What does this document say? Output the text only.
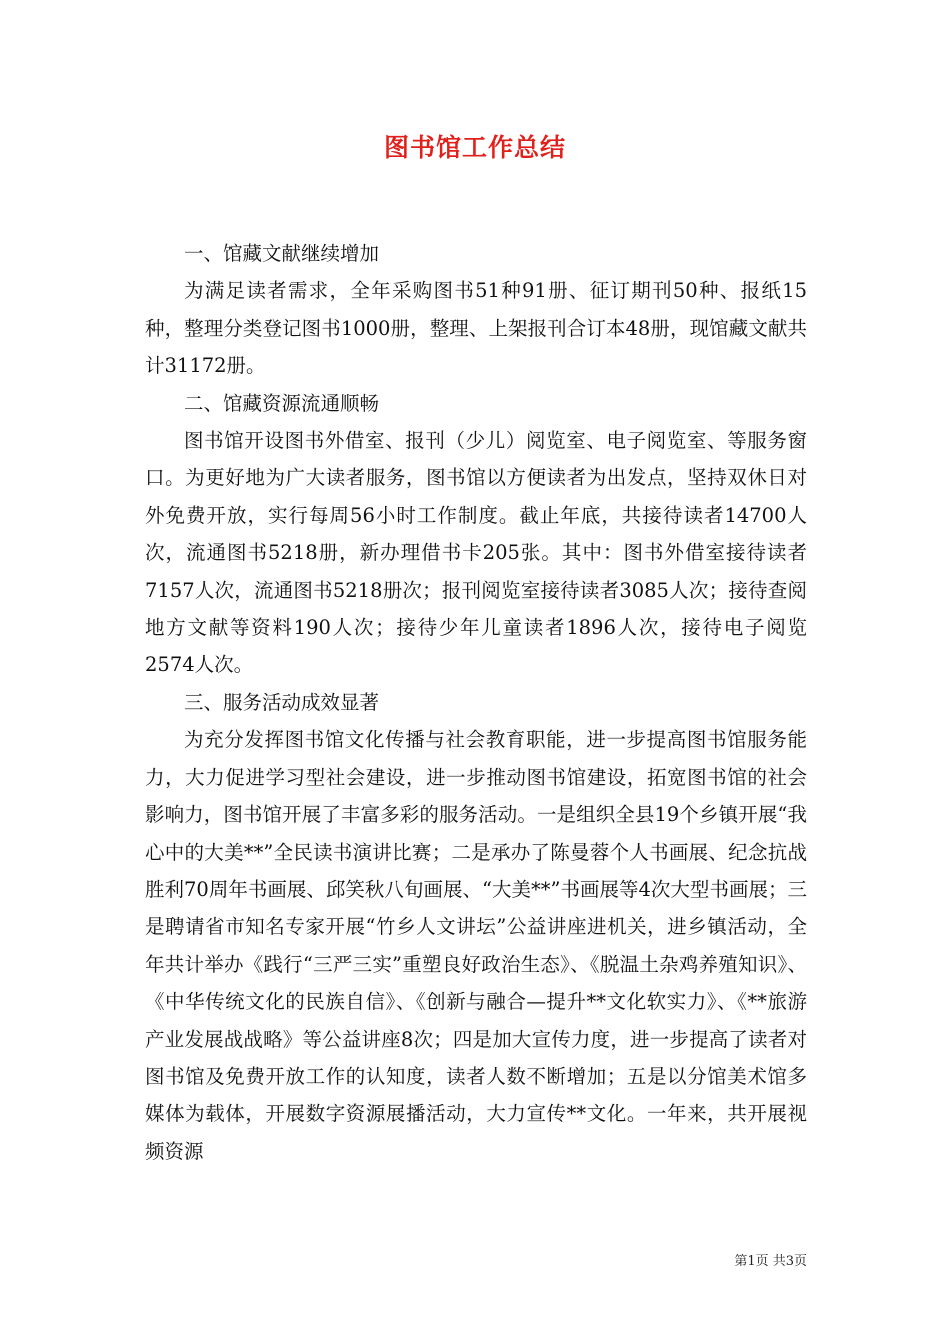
图书馆工作总结

一、馆藏文献继续增加

为满足读者需求，全年采购图书51种91册、征订期刊50种、报纸15种，整理分类登记图书1000册，整理、上架报刊合订本48册，现馆藏文献共计31172册。

二、馆藏资源流通顺畅

图书馆开设图书外借室、报刊（少儿）阅览室、电子阅览室、等服务窗口。为更好地为广大读者服务，图书馆以方便读者为出发点，坚持双休日对外免费开放，实行每周56小时工作制度。截止年底，共接待读者14700人次，流通图书5218册，新办理借书卡205张。其中：图书外借室接待读者7157人次，流通图书5218册次；报刊阅览室接待读者3085人次；接待查阅地方文献等资料190人次；接待少年儿童读者1896人次，接待电子阅览2574人次。

三、服务活动成效显著

为充分发挥图书馆文化传播与社会教育职能，进一步提高图书馆服务能力，大力促进学习型社会建设，进一步推动图书馆建设，拓宽图书馆的社会影响力，图书馆开展了丰富多彩的服务活动。一是组织全县19个乡镇开展“我心中的大美**”全民读书演讲比赛；二是承办了陈曼蓉个人书画展、纪念抗战胜利70周年书画展、邱笑秋八旬画展、“大美**”书画展等4次大型书画展；三是聘请省市知名专家开展“竹乡人文讲坛”公益讲座进机关，进乡镇活动，全年共计举办《践行“三严三实”重塑良好政治生态》、《脱温土杂鸡养殖知识》、《中华传统文化的民族自信》、《创新与融合—提升**文化软实力》、《**旅游产业发展战战略》等公益讲座8次；四是加大宣传力度，进一步提高了读者对图书馆及免费开放工作的认知度，读者人数不断增加；五是以分馆美术馆多媒体为载体，开展数字资源展播活动，大力宣传**文化。一年来，共开展视频资源

第1页 共3页
